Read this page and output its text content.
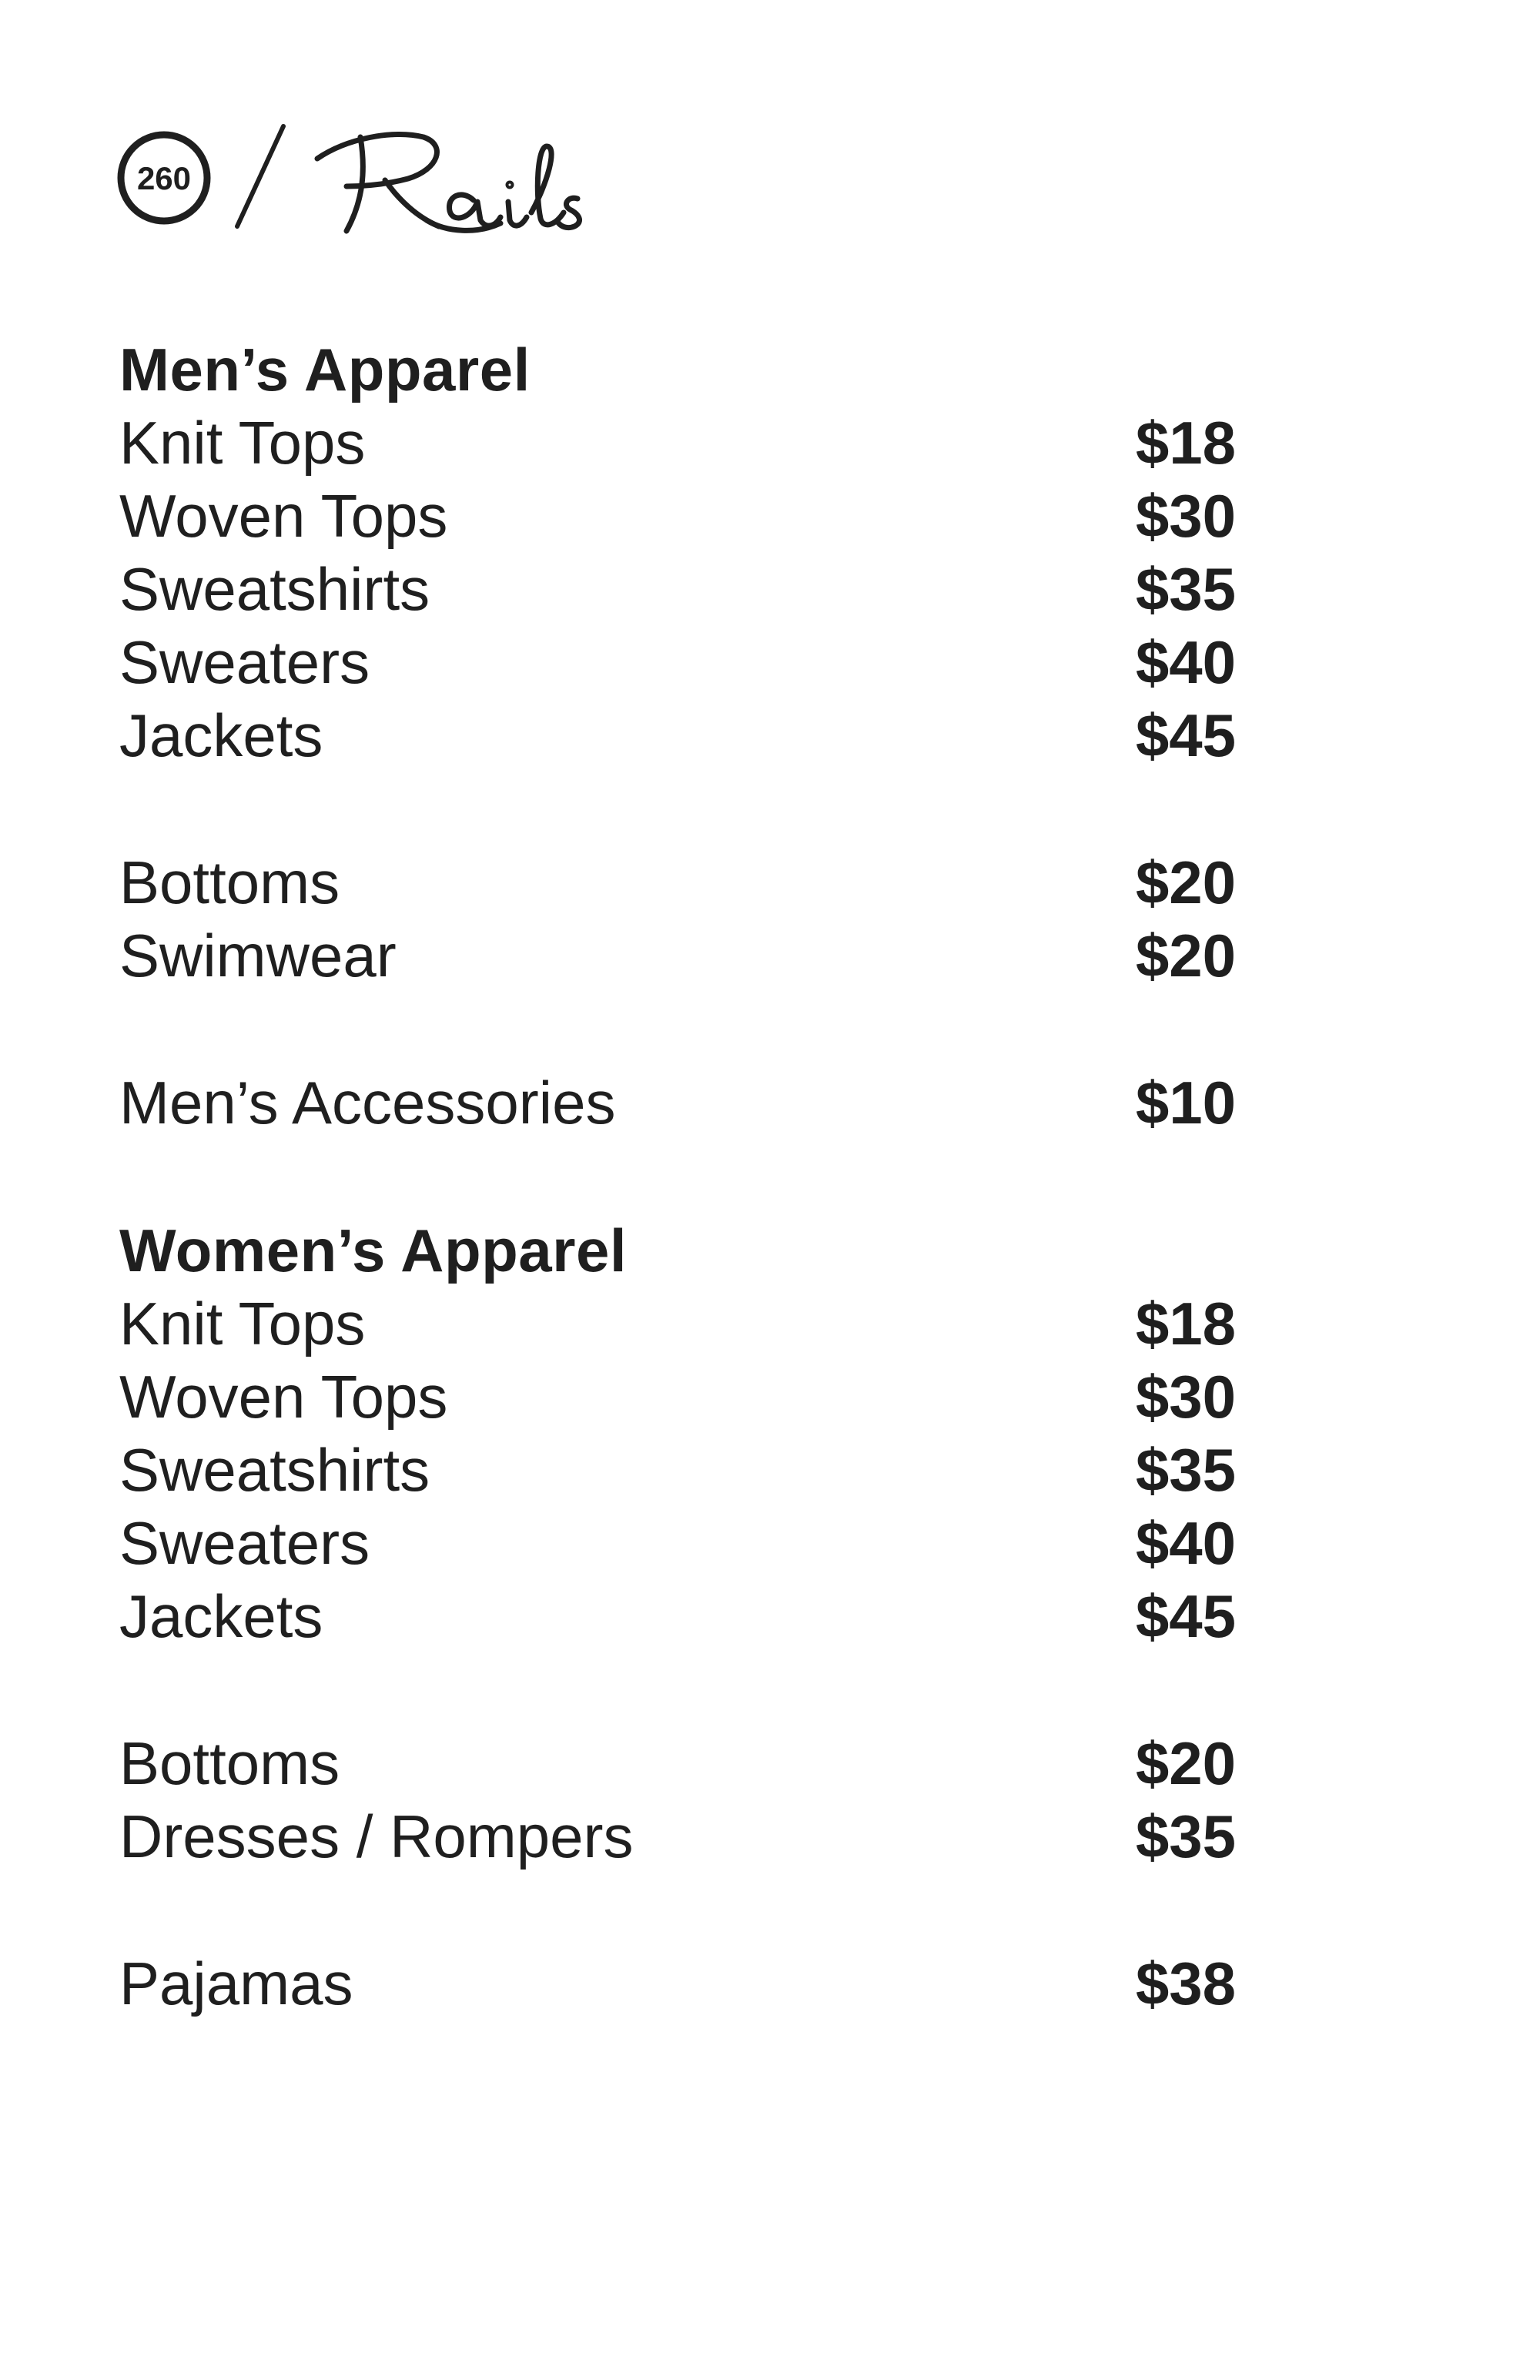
260
Men’s Apparel
Knit Tops	$18
Woven Tops	$30
Sweatshirts	$35
Sweaters	$40
Jackets	$45
Bottoms	$20
Swimwear	$20
Men’s Accessories	$10
Women’s Apparel
Knit Tops	$18
Woven Tops	$30
Sweatshirts	$35
Sweaters	$40
Jackets	$45
Bottoms	$20
Dresses / Rompers	$35
Pajamas	$38
